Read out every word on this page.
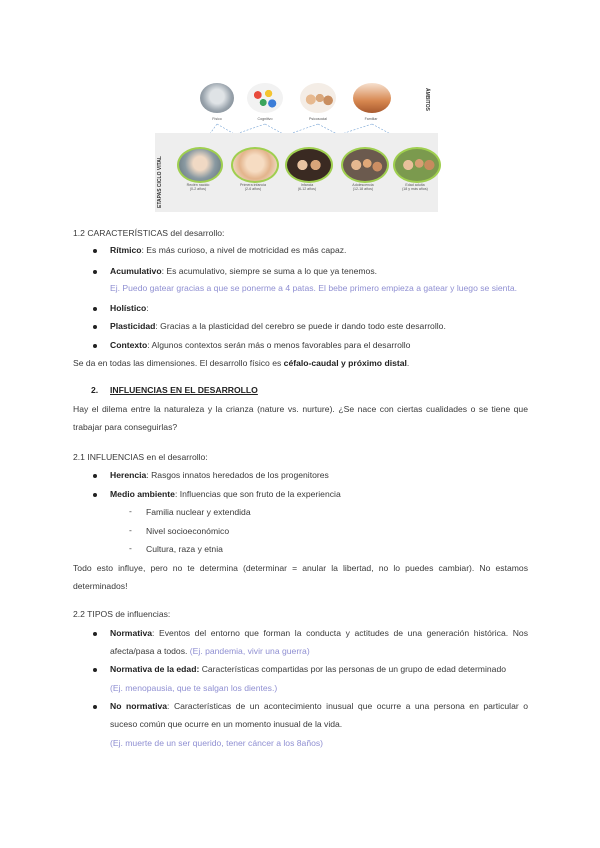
Físico	Cognitivo	Psicosocial	Familiar
ÁMBITOS
ETAPAS CICLO VITAL	Recién nacido
(0-2 años)
Primera infancia
(2-6 años)
Infancia
(6-12 años)
Adolescencia
(12-18 años)
Edad adulta
(18 y más años)
1.2 CARACTERÍSTICAS del desarrollo:
Rítmico: Es más curioso, a nivel de motricidad es más capaz.
Acumulativo: Es acumulativo, siempre se suma a lo que ya tenemos.
Ej. Puedo gatear gracias a que se ponerme a 4 patas. El bebe primero empieza a gatear y luego se sienta.
Holístico:
Plasticidad: Gracias a la plasticidad del cerebro se puede ir dando todo este desarrollo.
Contexto: Algunos contextos serán más o menos favorables para el desarrollo
Se da en todas las dimensiones. El desarrollo físico es céfalo-caudal y próximo distal.
2. INFLUENCIAS EN EL DESARROLLO
Hay el dilema entre la naturaleza y la crianza (nature vs. nurture). ¿Se nace con ciertas cualidades o se tiene que
trabajar para conseguirlas?
2.1 INFLUENCIAS en el desarrollo:
Herencia: Rasgos innatos heredados de los progenitores
Medio ambiente: Influencias que son fruto de la experiencia
- Familia nuclear y extendida
- Nivel socioeconómico
- Cultura, raza y etnia
Todo esto influye, pero no te determina (determinar = anular la libertad, no lo puedes cambiar). No estamos
determinados!
2.2 TIPOS de influencias:
Normativa: Eventos del entorno que forman la conducta y actitudes de una generación histórica. Nos
afecta/pasa a todos. (Ej. pandemia, vivir una guerra)
Normativa de la edad: Características compartidas por las personas de un grupo de edad determinado
(Ej. menopausia, que te salgan los dientes.)
No normativa: Características de un acontecimiento inusual que ocurre a una persona en particular o
suceso común que ocurre en un momento inusual de la vida.
(Ej. muerte de un ser querido, tener cáncer a los 8años)
